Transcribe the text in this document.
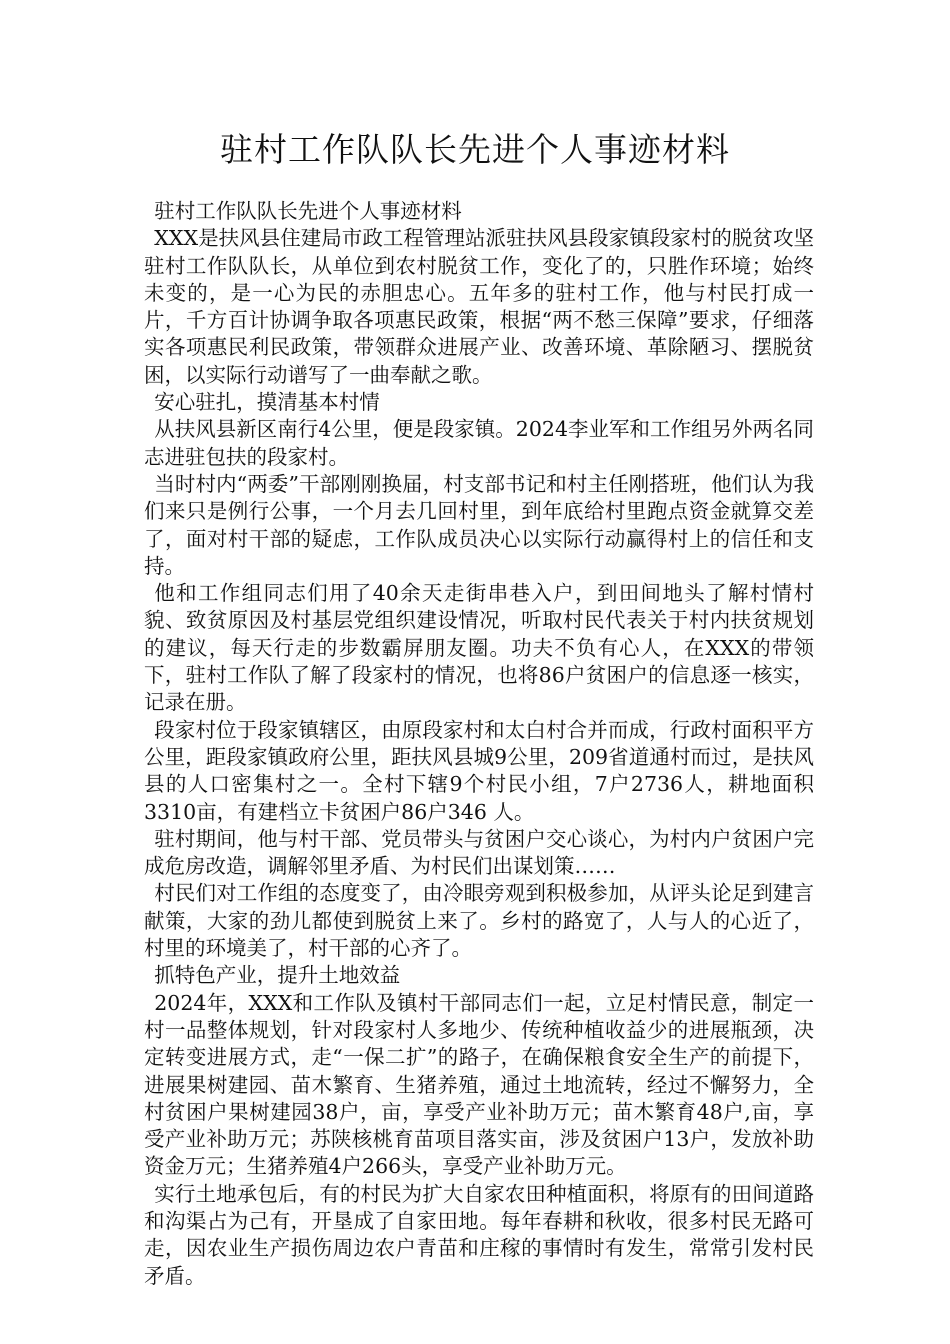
驻村工作队队长先进个人事迹材料

驻村工作队队长先进个人事迹材料

XXX是扶风县住建局市政工程管理站派驻扶风县段家镇段家村的脱贫攻坚驻村工作队队长，从单位到农村脱贫工作，变化了的，只胜作环境；始终未变的，是一心为民的赤胆忠心。五年多的驻村工作，他与村民打成一片，千方百计协调争取各项惠民政策，根据“两不愁三保障”要求，仔细落实各项惠民利民政策，带领群众进展产业、改善环境、革除陋习、摆脱贫困，以实际行动谱写了一曲奉献之歌。

安心驻扎，摸清基本村情

从扶风县新区南行4公里，便是段家镇。2024李业军和工作组另外两名同志进驻包扶的段家村。

当时村内“两委”干部刚刚换届，村支部书记和村主任刚搭班，他们认为我们来只是例行公事，一个月去几回村里，到年底给村里跑点资金就算交差了，面对村干部的疑虑，工作队成员决心以实际行动赢得村上的信任和支持。

他和工作组同志们用了40余天走街串巷入户，到田间地头了解村情村貌、致贫原因及村基层党组织建设情况，听取村民代表关于村内扶贫规划的建议，每天行走的步数霸屏朋友圈。功夫不负有心人，在XXX的带领下，驻村工作队了解了段家村的情况，也将86户贫困户的信息逐一核实，记录在册。

段家村位于段家镇辖区，由原段家村和太白村合并而成，行政村面积平方公里，距段家镇政府公里，距扶风县城9公里，209省道通村而过，是扶风县的人口密集村之一。全村下辖9个村民小组，7户2736人，耕地面积3310亩，有建档立卡贫困户86户346 人。

驻村期间，他与村干部、党员带头与贫困户交心谈心，为村内户贫困户完成危房改造，调解邻里矛盾、为村民们出谋划策……

村民们对工作组的态度变了，由冷眼旁观到积极参加，从评头论足到建言献策，大家的劲儿都使到脱贫上来了。乡村的路宽了，人与人的心近了，村里的环境美了，村干部的心齐了。

抓特色产业，提升土地效益

2024年，XXX和工作队及镇村干部同志们一起，立足村情民意，制定一村一品整体规划，针对段家村人多地少、传统种植收益少的进展瓶颈，决定转变进展方式，走“一保二扩”的路子，在确保粮食安全生产的前提下，进展果树建园、苗木繁育、生猪养殖，通过土地流转，经过不懈努力，全村贫困户果树建园38户，亩，享受产业补助万元；苗木繁育48户,亩，享受产业补助万元；苏陕核桃育苗项目落实亩，涉及贫困户13户，发放补助资金万元；生猪养殖4户266头，享受产业补助万元。

实行土地承包后，有的村民为扩大自家农田种植面积，将原有的田间道路和沟渠占为己有，开垦成了自家田地。每年春耕和秋收，很多村民无路可走，因农业生产损伤周边农户青苗和庄稼的事情时有发生，常常引发村民矛盾。
